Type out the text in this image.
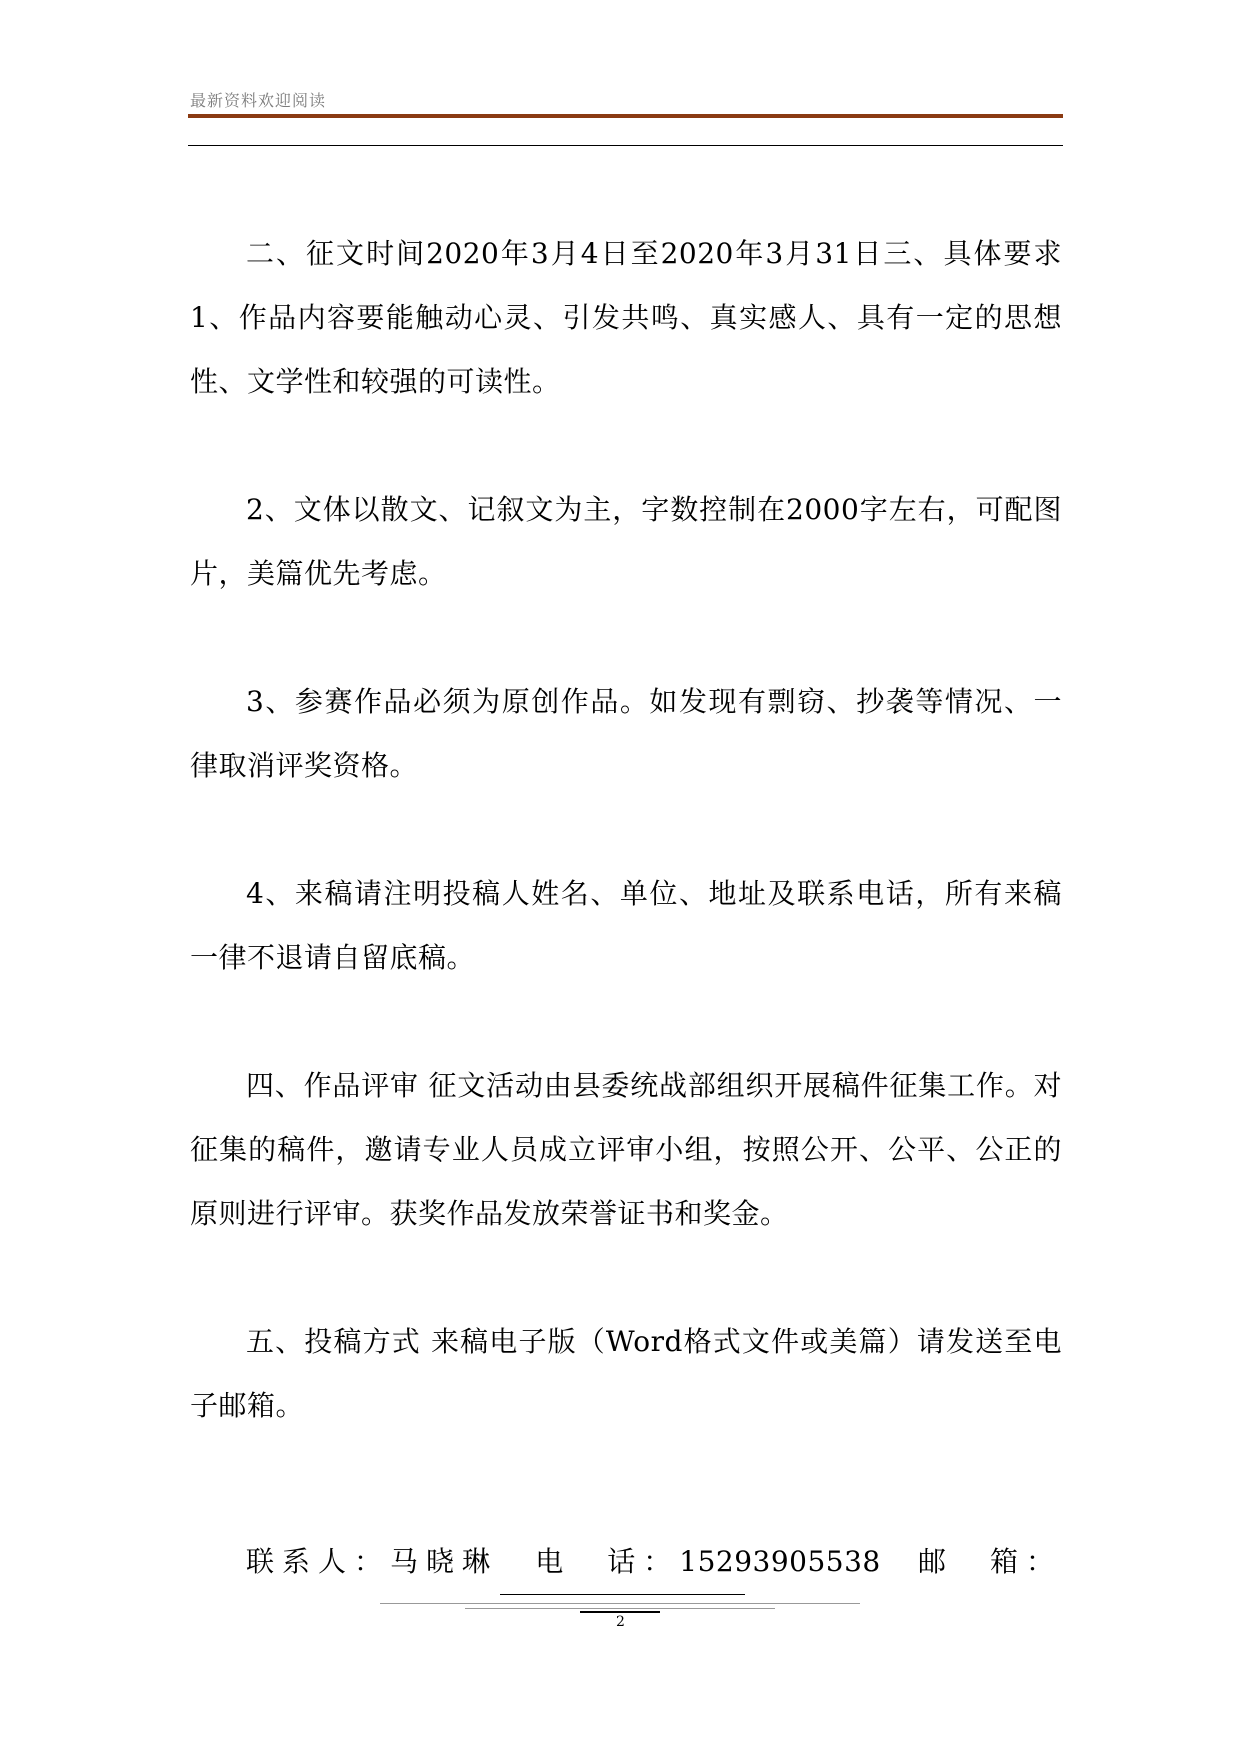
最新资料欢迎阅读

二、征文时间2020年3月4日至2020年3月31日三、具体要求 1、作品内容要能触动心灵、引发共鸣、真实感人、具有一定的思想性、文学性和较强的可读性。

2、文体以散文、记叙文为主，字数控制在2000字左右，可配图片，美篇优先考虑。

3、参赛作品必须为原创作品。如发现有剽窃、抄袭等情况、一律取消评奖资格。

4、来稿请注明投稿人姓名、单位、地址及联系电话，所有来稿一律不退请自留底稿。

四、作品评审 征文活动由县委统战部组织开展稿件征集工作。对征集的稿件，邀请专业人员成立评审小组，按照公开、公平、公正的原则进行评审。获奖作品发放荣誉证书和奖金。

五、投稿方式 来稿电子版（Word格式文件或美篇）请发送至电子邮箱。

联系人： 马晓琳 电　话： 15293905538 邮　箱：
2
